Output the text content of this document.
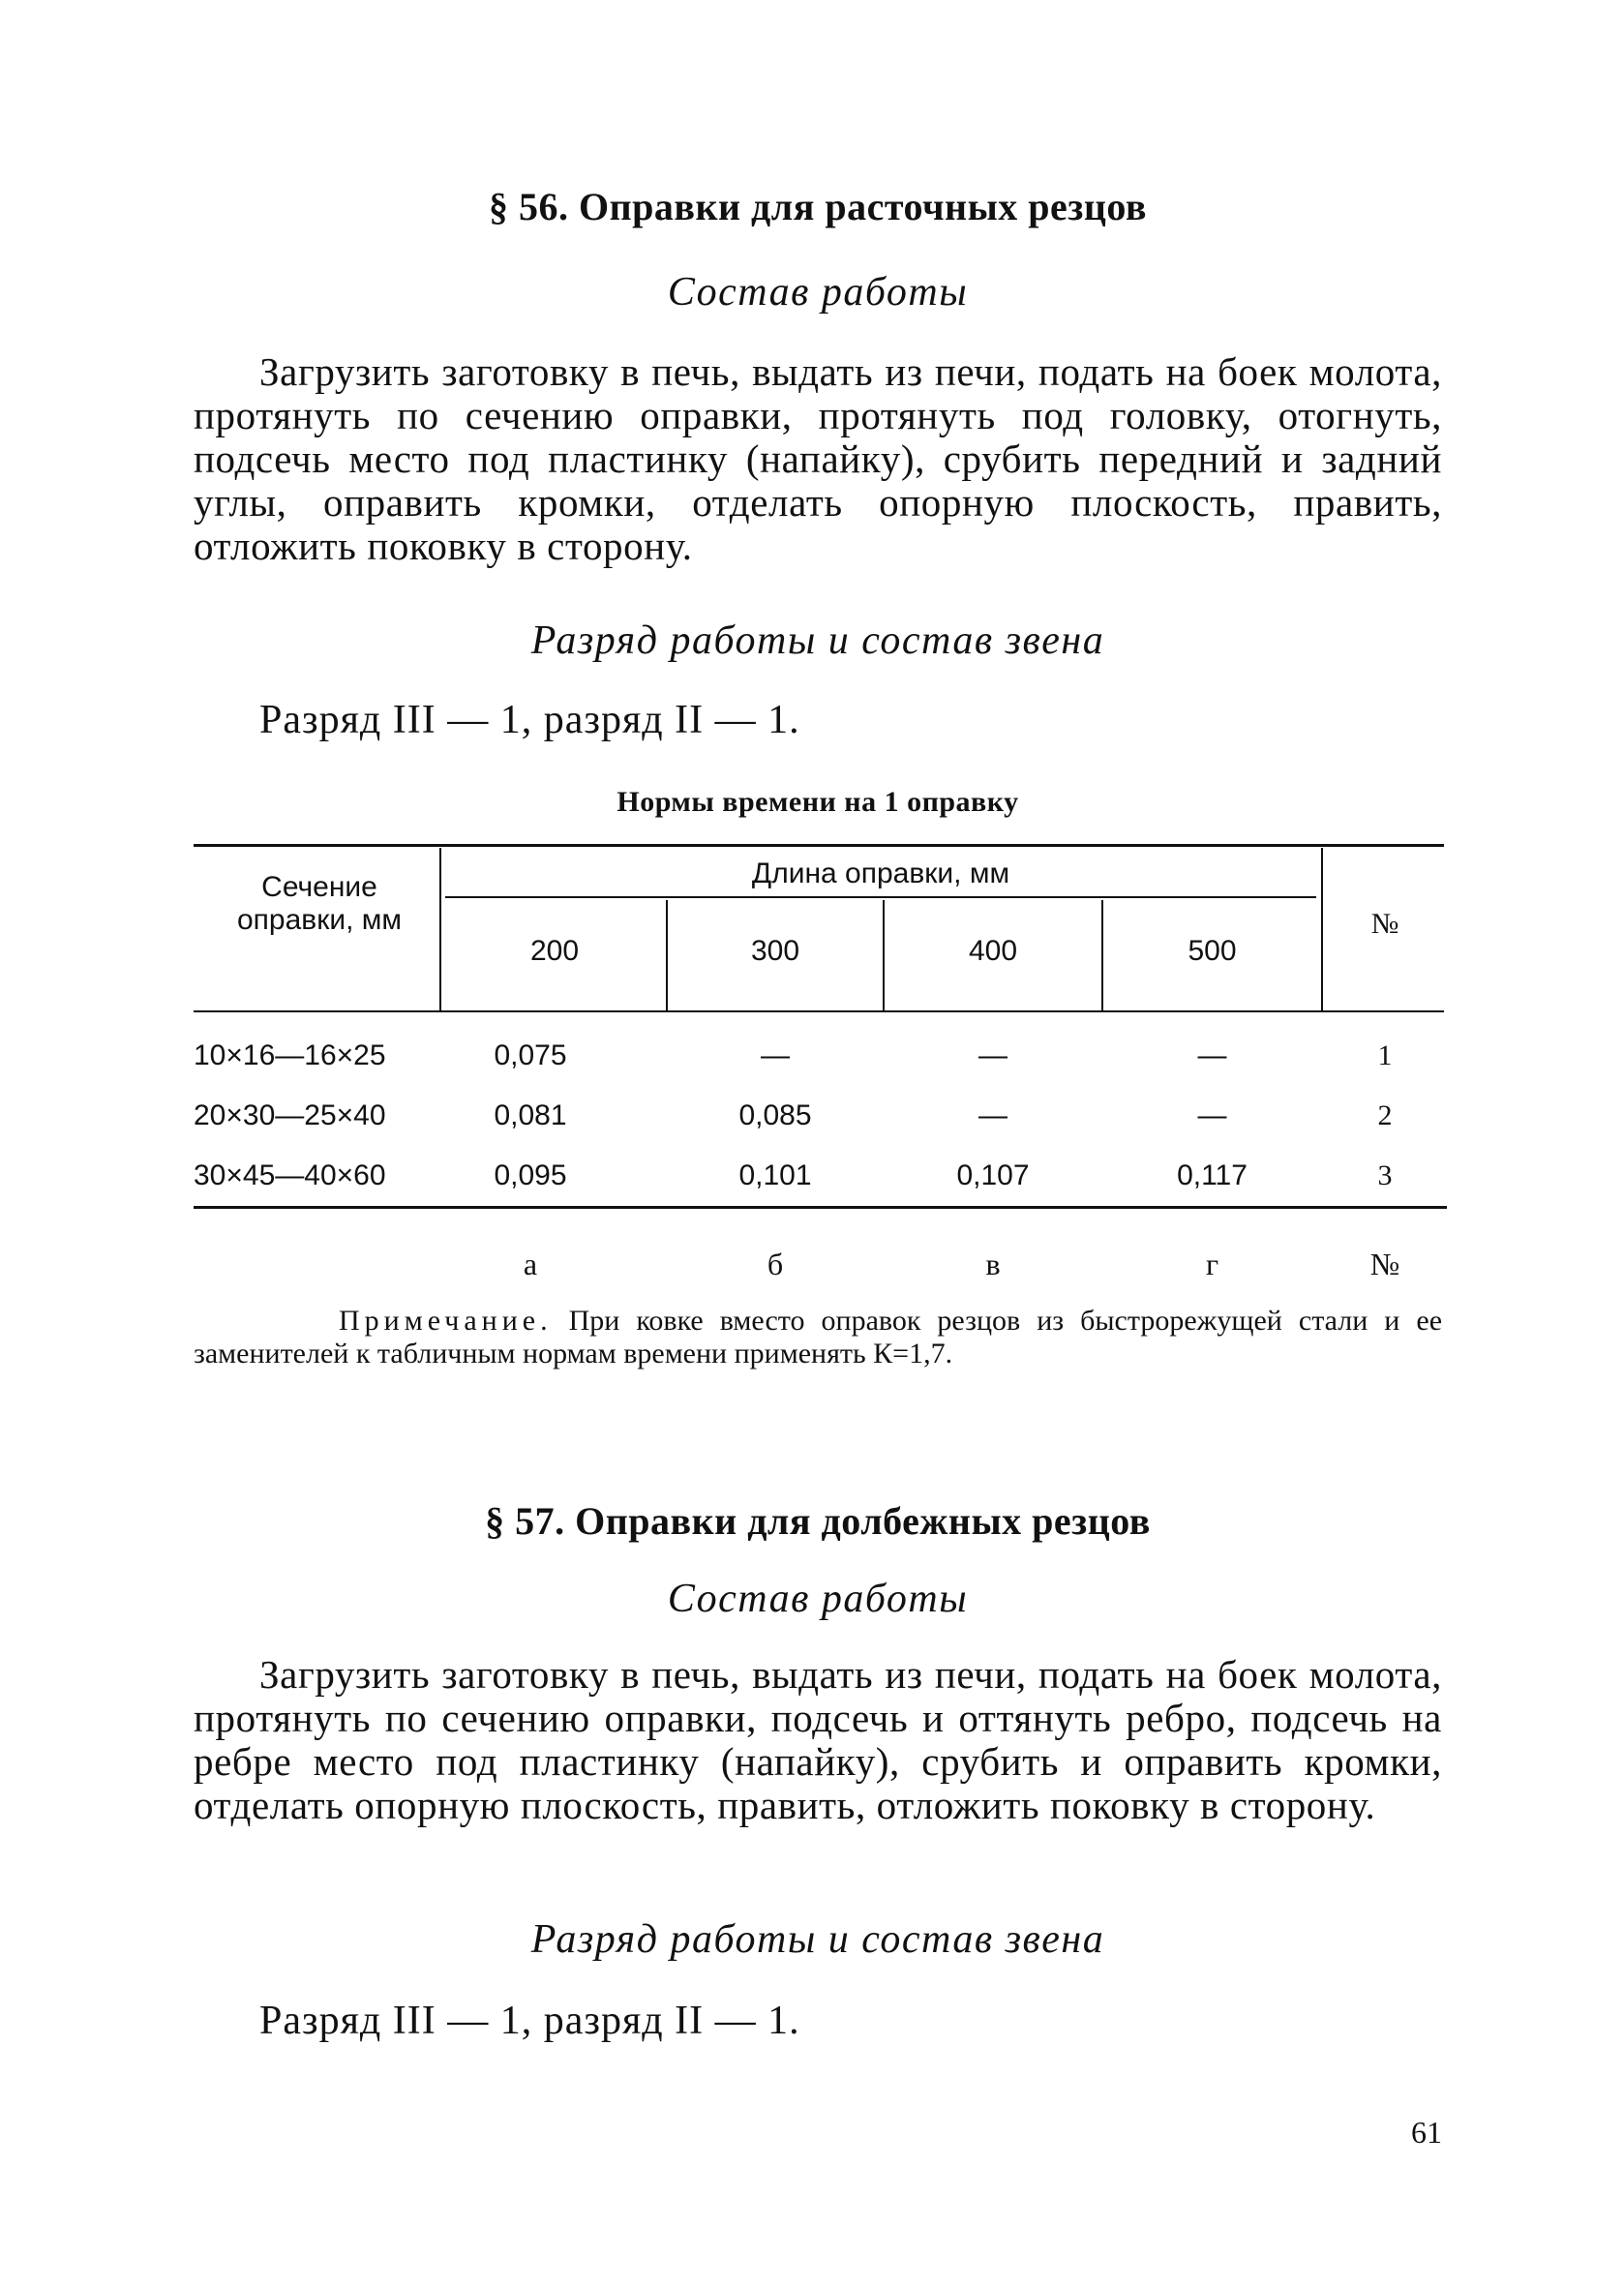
§ 56. Оправки для расточных резцов
Состав работы

Загрузить заготовку в печь, выдать из печи, подать на боек молота, протянуть по сечению оправки, протянуть под головку, отогнуть, подсечь место под пластинку (напайку), срубить передний и задний углы, оправить кромки, отделать опорную плоскость, править, отложить поковку в сторону.

Разряд работы и состав звена
Разряд III — 1, разряд II — 1.
Нормы времени на 1 оправку
Сечение оправки, мм
Длина оправки, мм
№
200	300	400	500
10×16—16×25	0,075	—	—	—	1
20×30—25×40	0,081	0,085	—	—	2
30×45—40×60	0,095	0,101	0,107	0,117	3
а	б	в	г	№

Примечание. При ковке вместо оправок резцов из быстрорежущей стали и ее заменителей к табличным нормам времени применять К=1,7.

§ 57. Оправки для долбежных резцов
Состав работы

Загрузить заготовку в печь, выдать из печи, подать на боек молота, протянуть по сечению оправки, подсечь и оттянуть ребро, подсечь на ребре место под пластинку (напайку), срубить и оправить кромки, отделать опорную плоскость, править, отложить поковку в сторону.

Разряд работы и состав звена
Разряд III — 1, разряд II — 1.
61
